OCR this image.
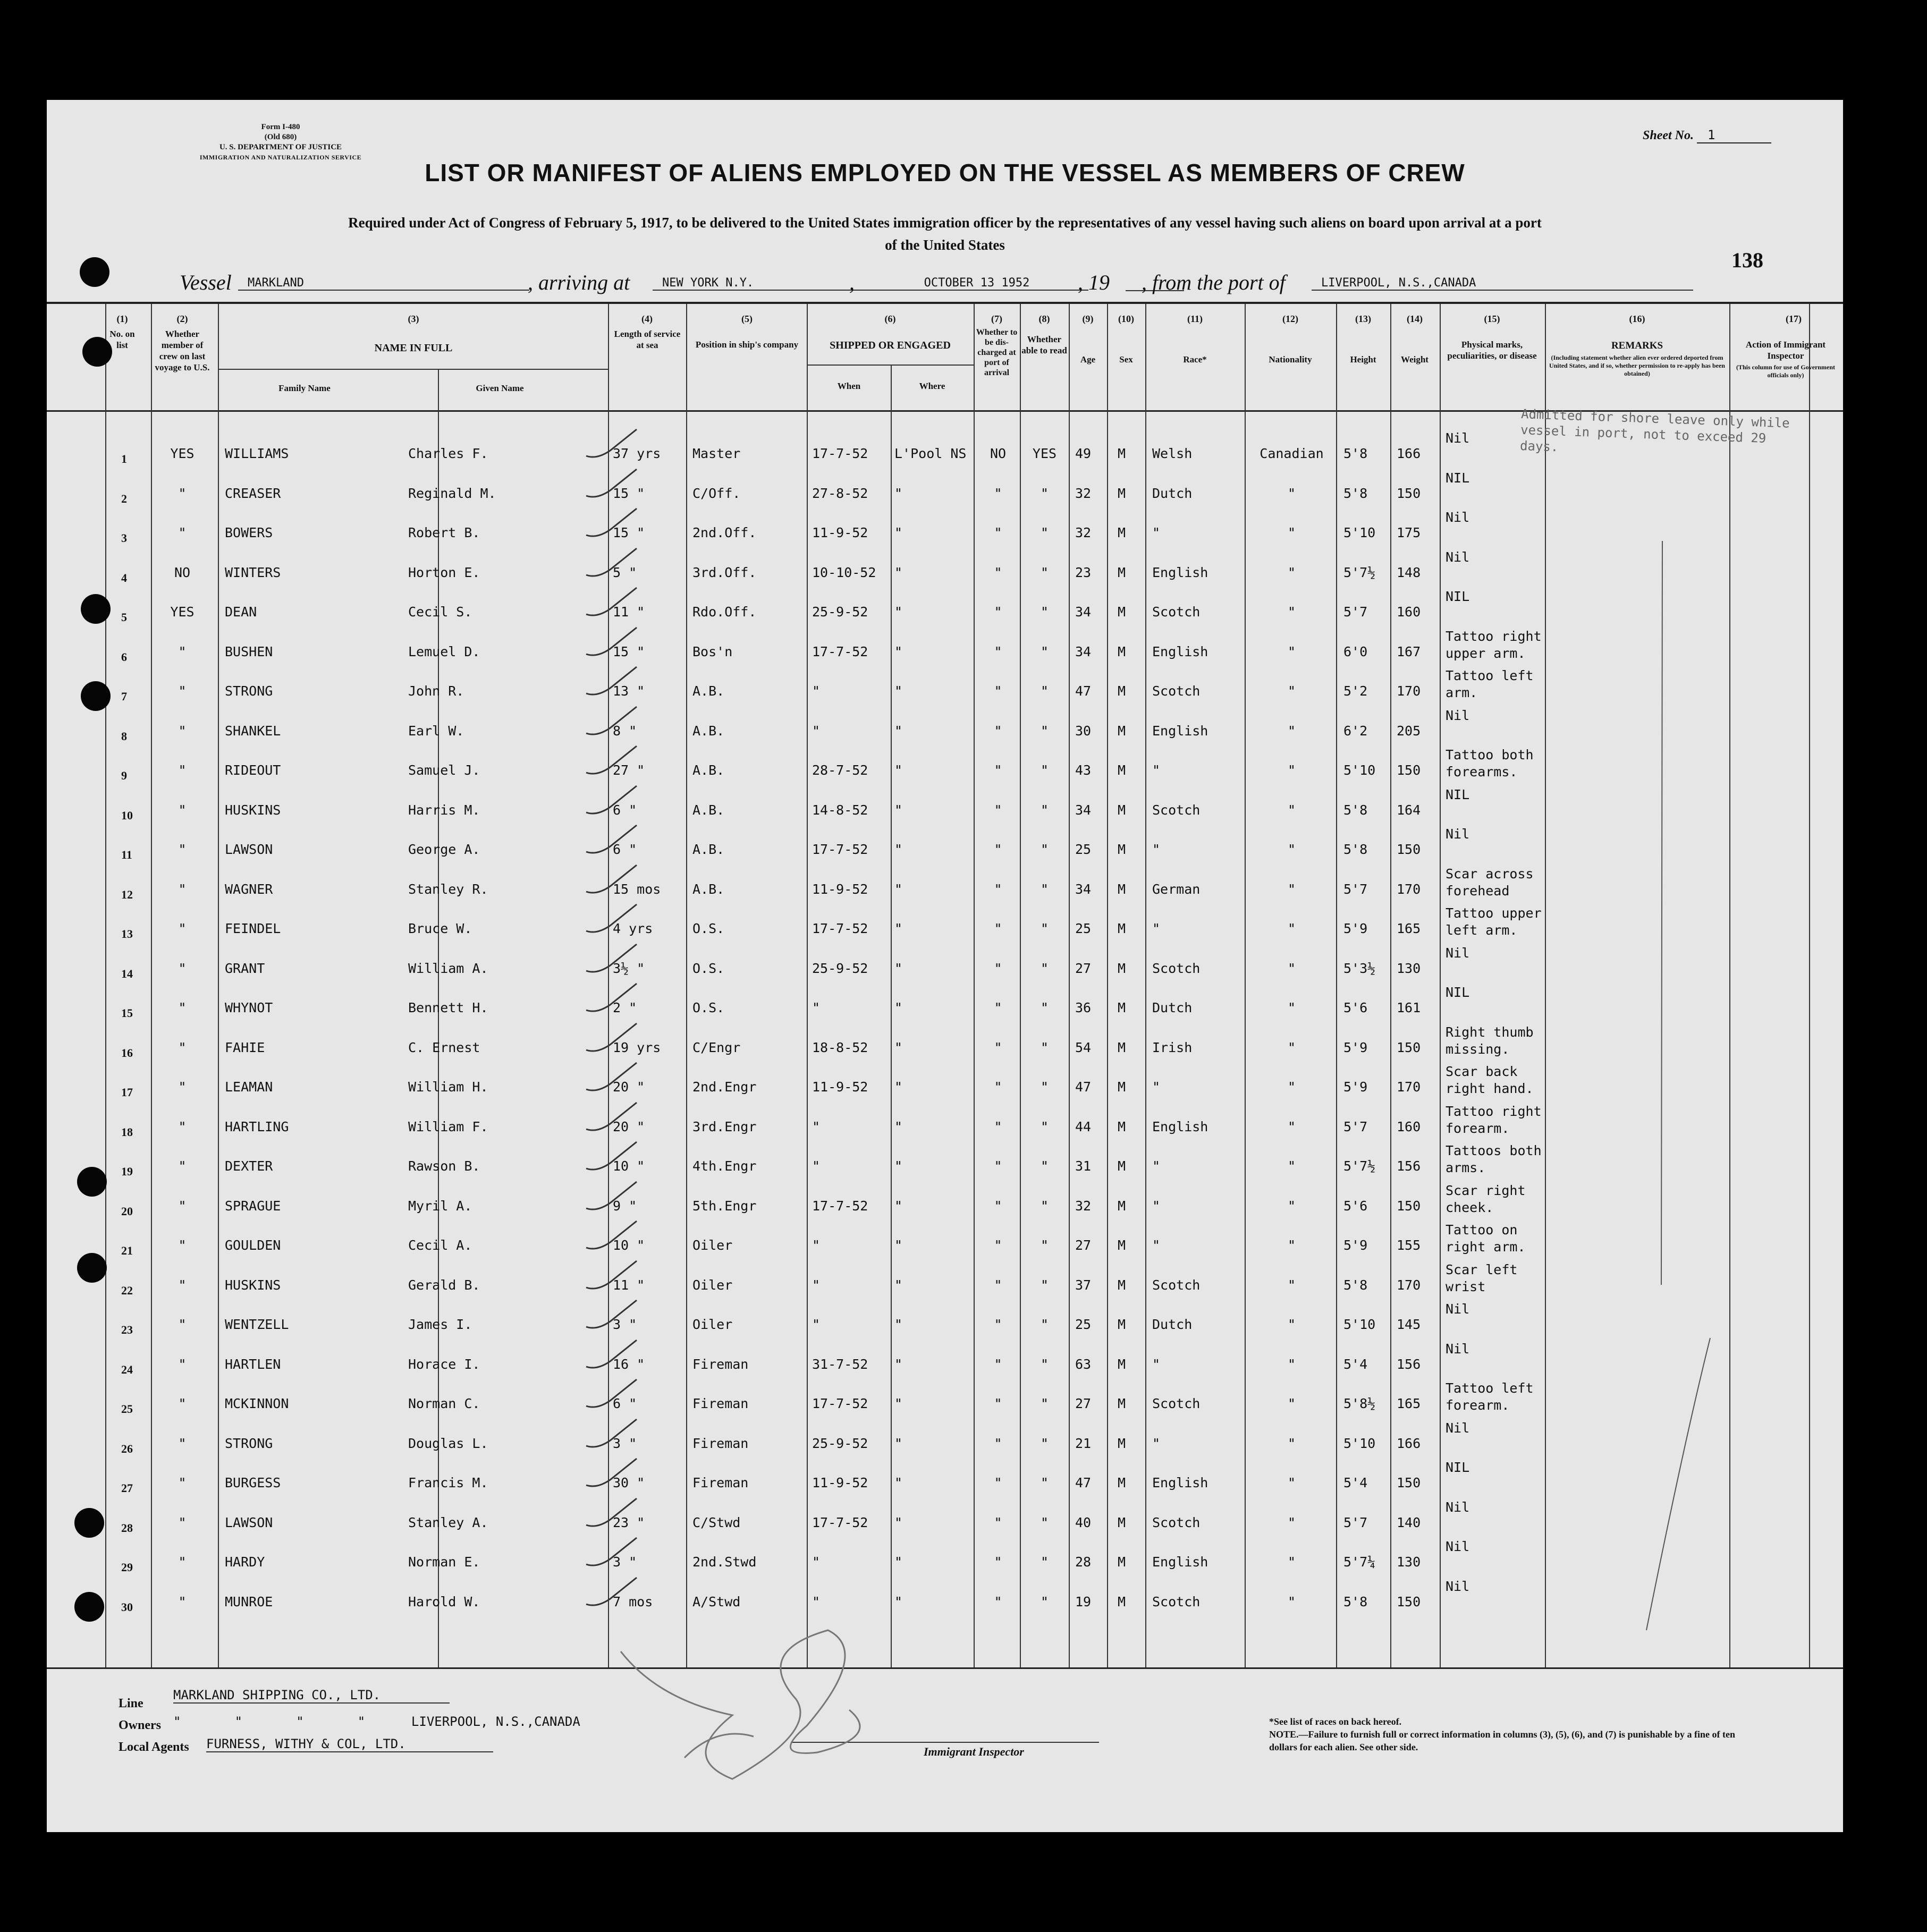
Form I-480
(Old 680)
U. S. DEPARTMENT OF JUSTICE
IMMIGRATION AND NATURALIZATION SERVICE
Sheet No. 1
LIST OR MANIFEST OF ALIENS EMPLOYED ON THE VESSEL AS MEMBERS OF CREW
Required under Act of Congress of February 5, 1917, to be delivered to the United States immigration officer by the representatives of any vessel having such aliens on board upon arrival at a port
of the United States
138
Vessel	MARKLAND	, arriving at	NEW YORK N.Y.	,	OCTOBER 13 1952	, 19 , from the port of	LIVERPOOL, N.S.,CANADA
(1)
No. on list
(2)
Whether member of crew on last voyage to U.S.
(3)
NAME IN FULL
Family Name	Given Name
(4)
Length of service at sea
(5)
Position in ship's company
(6)
SHIPPED OR ENGAGED
When	Where
(7)
Whether to be dis-charged at port of arrival
(8)
Whether able to read
(9)
Age
(10)
Sex
(11)
Race*
(12)
Nationality
(13)
Height
(14)
Weight
(15)
Physical marks, peculiarities, or disease
(16)
REMARKS
(Including statement whether alien ever ordered deported from United States, and if so, whether permission to re-apply has been obtained)
(17)
Action of Immigrant Inspector
(This column for use of Government officials only)
1	YES	WILLIAMS	Charles F.	37 yrs Master	17-7-52 L'Pool NS	NO	YES	49 M Welsh	Canadian	5'8 166
Nil
2	"	CREASER	Reginald M.	15 "	C/Off.	27-8-52 "	"	"	32 M Dutch	"	5'8 150
NIL
3	"	BOWERS	Robert B.	15 "	2nd.Off.	11-9-52 "	"	"	32 M "	"	5'10 175
Nil
4	NO	WINTERS	Horton E.	5 "	3rd.Off.	10-10-52 "	"	"	23 M English	"	5'7½ 148
Nil
5	YES	DEAN	Cecil S.	11 "	Rdo.Off.	25-9-52 "	"	"	34 M Scotch	"	5'7 160
NIL
6	"	BUSHEN	Lemuel D.	15 "	Bos'n	17-7-52 "	"	"	34 M English	"	6'0 167
Tattoo right upper arm.
7	"	STRONG	John R.	13 "	A.B.	"	"	"	"	47 M Scotch	"	5'2 170
Tattoo left arm.
8	"	SHANKEL	Earl W.	8 "	A.B.	"	"	"	"	30 M English	"	6'2 205
Nil
9	"	RIDEOUT	Samuel J.	27 "	A.B.	28-7-52 "	"	"	43 M "	"	5'10 150
Tattoo both forearms.
10	"	HUSKINS	Harris M.	6 "	A.B.	14-8-52 "	"	"	34 M Scotch	"	5'8 164
NIL
11	"	LAWSON	George A.	6 "	A.B.	17-7-52 "	"	"	25 M "	"	5'8 150
Nil
12	"	WAGNER	Stanley R.	15 mos A.B.	11-9-52 "	"	"	34 M German	"	5'7 170
Scar across forehead
13	"	FEINDEL	Bruce W.	4 yrs	O.S.	17-7-52 "	"	"	25 M "	"	5'9 165
Tattoo upper left arm.
14	"	GRANT	William A.	3½ "	O.S.	25-9-52 "	"	"	27 M Scotch	"	5'3½ 130
Nil
15	"	WHYNOT	Bennett H.	2 "	O.S.	"	"	"	"	36 M Dutch	"	5'6 161
NIL
16	"	FAHIE	C. Ernest	19 yrs C/Engr	18-8-52 "	"	"	54 M Irish	"	5'9 150
Right thumb missing.
17	"	LEAMAN	William H.	20 "	2nd.Engr	11-9-52 "	"	"	47 M "	"	5'9 170
Scar back right hand.
18	"	HARTLING	William F.	20 "	3rd.Engr	"	"	"	"	44 M English	"	5'7 160
Tattoo right forearm.
19	"	DEXTER	Rawson B.	10 "	4th.Engr	"	"	"	"	31 M "	"	5'7½ 156
Tattoos both arms.
20	"	SPRAGUE	Myril A.	9 "	5th.Engr	17-7-52 "	"	"	32 M "	"	5'6 150
Scar right cheek.
21	"	GOULDEN	Cecil A.	10 "	Oiler	"	"	"	"	27 M "	"	5'9 155
Tattoo on right arm.
22	"	HUSKINS	Gerald B.	11 "	Oiler	"	"	"	"	37 M Scotch	"	5'8 170
Scar left wrist
23	"	WENTZELL	James I.	3 "	Oiler	"	"	"	"	25 M Dutch	"	5'10 145
Nil
24	"	HARTLEN	Horace I.	16 "	Fireman	31-7-52 "	"	"	63 M "	"	5'4 156
Nil
25	"	MCKINNON	Norman C.	6 "	Fireman	17-7-52 "	"	"	27 M Scotch	"	5'8½ 165
Tattoo left forearm.
26	"	STRONG	Douglas L.	3 "	Fireman	25-9-52 "	"	"	21 M "	"	5'10 166
Nil
27	"	BURGESS	Francis M.	30 "	Fireman	11-9-52 "	"	"	47 M English	"	5'4 150
NIL
28	"	LAWSON	Stanley A.	23 "	C/Stwd	17-7-52 "	"	"	40 M Scotch	"	5'7 140
Nil
29	"	HARDY	Norman E.	3 "	2nd.Stwd	"	"	"	"	28 M English	"	5'7¼ 130
Nil
30	"	MUNROE	Harold W.	7 mos	A/Stwd	"	"	"	"	19 M Scotch	"	5'8 150
Nil
Admitted for shore leave only while vessel in port, not to exceed 29 days.
Line
MARKLAND SHIPPING CO., LTD.
Owners "       "       "       "      LIVERPOOL, N.S.,CANADA
Local Agents FURNESS, WITHY & COL, LTD.
Immigrant Inspector
*See list of races on back hereof.
NOTE.—Failure to furnish full or correct information in columns (3), (5), (6), and (7) is punishable by a fine of ten dollars for each alien. See other side.
